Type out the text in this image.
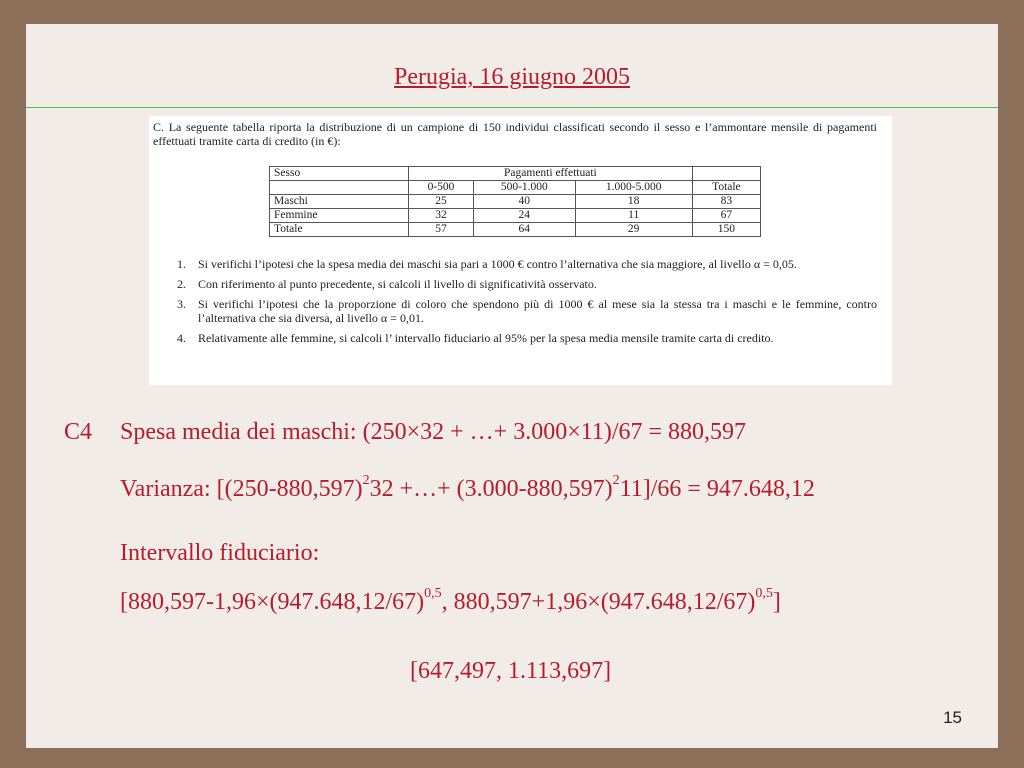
Perugia, 16 giugno 2005
C. La seguente tabella riporta la distribuzione di un campione di 150 individui classificati secondo il sesso e l’ammontare mensile di pagamenti effettuati tramite carta di credito (in €):
Sesso	Pagamenti effettuati			
	0-500	500-1.000	1.000-5.000	Totale
Maschi	25	40	18	83
Femmine	32	24	11	67
Totale	57	64	29	150
1. Si verifichi l’ipotesi che la spesa media dei maschi sia pari a 1000 € contro l’alternativa che sia maggiore, al livello α = 0,05.
2. Con riferimento al punto precedente, si calcoli il livello di significatività osservato.
3. Si verifichi l’ipotesi che la proporzione di coloro che spendono più di 1000 € al mese sia la stessa tra i maschi e le femmine, contro l’alternativa che sia diversa, al livello α = 0,01.
4. Relativamente alle femmine, si calcoli l’ intervallo fiduciario al 95% per la spesa media mensile tramite carta di credito.
C4 Spesa media dei maschi: (250×32 + …+ 3.000×11)/67 = 880,597
Varianza: [$(250-880,597)^232$ +…+ $(3.000-880,597)^211]/66 = 947.648,12$
Intervallo fiduciario:
[$880,597-1,96\times(947.648,12/67)^{0,5}$, $880,597+1,96\times(947.648,12/67)^{0,5}$]
[647,497, 1.113,697]
15
